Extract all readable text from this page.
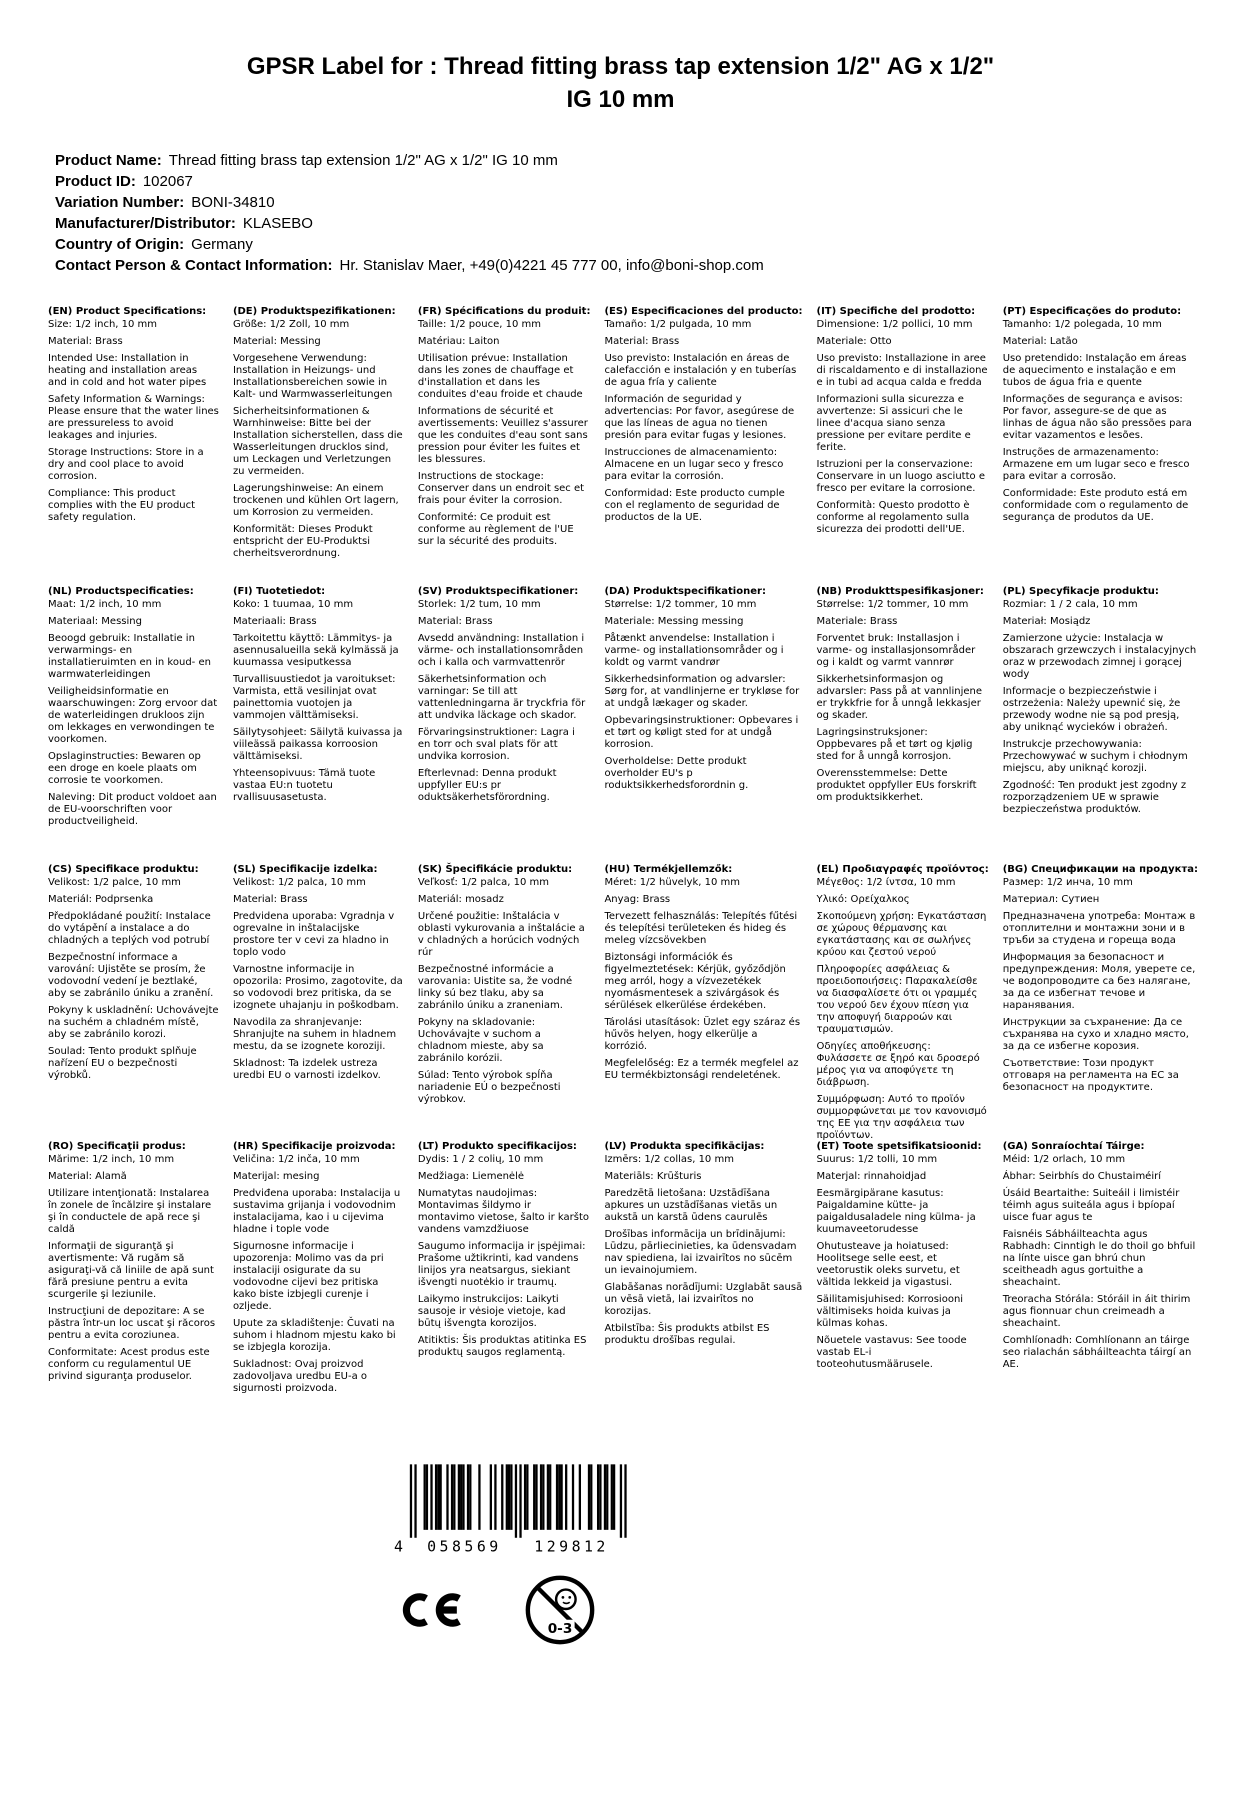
GPSR Label for : Thread fitting brass tap extension 1/2" AG x 1/2"
IG 10 mm
Product Name: Thread fitting brass tap extension 1/2" AG x 1/2" IG 10 mm
Product ID: 102067
Variation Number: BONI-34810
Manufacturer/Distributor: KLASEBO
Country of Origin: Germany
Contact Person & Contact Information: Hr. Stanislav Maer, +49(0)4221 45 777 00, info@boni-shop.com
(EN) Product Specifications:
Size: 1/2 inch, 10 mm
Material: Brass
Intended Use: Installation in heating and installation areas and in cold and hot water pipes
Safety Information & Warnings: Please ensure that the water lines are pressureless to avoid leakages and injuries.
Storage Instructions: Store in a dry and cool place to avoid corrosion.
Compliance: This product complies with the EU product safety regulation.
(DE) Produktspezifikationen:
Größe: 1/2 Zoll, 10 mm
Material: Messing
Vorgesehene Verwendung: Installation in Heizungs- und Installationsbereichen sowie in Kalt- und Warmwasserleitungen
Sicherheitsinformationen & Warnhinweise: Bitte bei der Installation sicherstellen, dass die Wasserleitungen drucklos sind, um Leckagen und Verletzungen zu vermeiden.
Lagerungshinweise: An einem trockenen und kühlen Ort lagern, um Korrosion zu vermeiden.
Konformität: Dieses Produkt entspricht der EU-Produktsi cherheitsverordnung.
(FR) Spécifications du produit:
Taille: 1/2 pouce, 10 mm
Matériau: Laiton
Utilisation prévue: Installation dans les zones de chauffage et d'installation et dans les conduites d'eau froide et chaude
Informations de sécurité et avertissements: Veuillez s'assurer que les conduites d'eau sont sans pression pour éviter les fuites et les blessures.
Instructions de stockage: Conserver dans un endroit sec et frais pour éviter la corrosion.
Conformité: Ce produit est conforme au règlement de l'UE sur la sécurité des produits.
(ES) Especificaciones del producto:
Tamaño: 1/2 pulgada, 10 mm
Material: Brass
Uso previsto: Instalación en áreas de calefacción e instalación y en tuberías de agua fría y caliente
Información de seguridad y advertencias: Por favor, asegúrese de que las líneas de agua no tienen presión para evitar fugas y lesiones.
Instrucciones de almacenamiento: Almacene en un lugar seco y fresco para evitar la corrosión.
Conformidad: Este producto cumple con el reglamento de seguridad de productos de la UE.
(IT) Specifiche del prodotto:
Dimensione: 1/2 pollici, 10 mm
Materiale: Otto
Uso previsto: Installazione in aree di riscaldamento e di installazione e in tubi ad acqua calda e fredda
Informazioni sulla sicurezza e avvertenze: Si assicuri che le linee d'acqua siano senza pressione per evitare perdite e ferite.
Istruzioni per la conservazione: Conservare in un luogo asciutto e fresco per evitare la corrosione.
Conformità: Questo prodotto è conforme al regolamento sulla sicurezza dei prodotti dell'UE.
(PT) Especificações do produto:
Tamanho: 1/2 polegada, 10 mm
Material: Latão
Uso pretendido: Instalação em áreas de aquecimento e instalação e em tubos de água fria e quente
Informações de segurança e avisos: Por favor, assegure-se de que as linhas de água não são pressões para evitar vazamentos e lesões.
Instruções de armazenamento: Armazene em um lugar seco e fresco para evitar a corrosão.
Conformidade: Este produto está em conformidade com o regulamento de segurança de produtos da UE.
(NL) Productspecificaties:
Maat: 1/2 inch, 10 mm
Materiaal: Messing
Beoogd gebruik: Installatie in verwarmings- en installatieruimten en in koud- en warmwaterleidingen
Veiligheidsinformatie en waarschuwingen: Zorg ervoor dat de waterleidingen drukloos zijn om lekkages en verwondingen te voorkomen.
Opslaginstructies: Bewaren op een droge en koele plaats om corrosie te voorkomen.
Naleving: Dit product voldoet aan de EU-voorschriften voor productveiligheid.
(FI) Tuotetiedot:
Koko: 1 tuumaa, 10 mm
Materiaali: Brass
Tarkoitettu käyttö: Lämmitys- ja asennusalueilla sekä kylmässä ja kuumassa vesiputkessa
Turvallisuustiedot ja varoitukset: Varmista, että vesilinjat ovat painettomia vuotojen ja vammojen välttämiseksi.
Säilytysohjeet: Säilytä kuivassa ja viileässä paikassa korroosion välttämiseksi.
Yhteensopivuus: Tämä tuote vastaa EU:n tuotetu rvallisuusasetusta.
(SV) Produktspecifikationer:
Storlek: 1/2 tum, 10 mm
Material: Brass
Avsedd användning: Installation i värme- och installationsområden och i kalla och varmvattenrör
Säkerhetsinformation och varningar: Se till att vattenledningarna är tryckfria för att undvika läckage och skador.
Förvaringsinstruktioner: Lagra i en torr och sval plats för att undvika korrosion.
Efterlevnad: Denna produkt uppfyller EU:s pr oduktsäkerhetsförordning.
(DA) Produktspecifikationer:
Størrelse: 1/2 tommer, 10 mm
Materiale: Messing messing
Påtænkt anvendelse: Installation i varme- og installationsområder og i koldt og varmt vandrør
Sikkerhedsinformation og advarsler: Sørg for, at vandlinjerne er trykløse for at undgå lækager og skader.
Opbevaringsinstruktioner: Opbevares i et tørt og køligt sted for at undgå korrosion.
Overholdelse: Dette produkt overholder EU's p roduktsikkerhedsforordnin g.
(NB) Produkttspesifikasjoner:
Størrelse: 1/2 tommer, 10 mm
Materiale: Brass
Forventet bruk: Installasjon i varme- og installasjonsområder og i kaldt og varmt vannrør
Sikkerhetsinformasjon og advarsler: Pass på at vannlinjene er trykkfrie for å unngå lekkasjer og skader.
Lagringsinstruksjoner: Oppbevares på et tørt og kjølig sted for å unngå korrosjon.
Overensstemmelse: Dette produktet oppfyller EUs forskrift om produktsikkerhet.
(PL) Specyfikacje produktu:
Rozmiar: 1 / 2 cala, 10 mm
Materiał: Mosiądz
Zamierzone użycie: Instalacja w obszarach grzewczych i instalacyjnych oraz w przewodach zimnej i gorącej wody
Informacje o bezpieczeństwie i ostrzeżenia: Należy upewnić się, że przewody wodne nie są pod presją, aby uniknąć wycieków i obrażeń.
Instrukcje przechowywania: Przechowywać w suchym i chłodnym miejscu, aby uniknąć korozji.
Zgodność: Ten produkt jest zgodny z rozporządzeniem UE w sprawie bezpieczeństwa produktów.
(CS) Specifikace produktu:
Velikost: 1/2 palce, 10 mm
Materiál: Podprsenka
Předpokládané použití: Instalace do vytápění a instalace a do chladných a teplých vod potrubí
Bezpečnostní informace a varování: Ujistěte se prosím, že vodovodní vedení je beztlaké, aby se zabránilo úniku a zranění.
Pokyny k uskladnění: Uchovávejte na suchém a chladném místě, aby se zabránilo korozi.
Soulad: Tento produkt splňuje nařízení EU o bezpečnosti výrobků.
(SL) Specifikacije izdelka:
Velikost: 1/2 palca, 10 mm
Material: Brass
Predvidena uporaba: Vgradnja v ogrevalne in inštalacijske prostore ter v cevi za hladno in toplo vodo
Varnostne informacije in opozorila: Prosimo, zagotovite, da so vodovodi brez pritiska, da se izognete uhajanju in poškodbam.
Navodila za shranjevanje: Shranjujte na suhem in hladnem mestu, da se izognete koroziji.
Skladnost: Ta izdelek ustreza uredbi EU o varnosti izdelkov.
(SK) Špecifikácie produktu:
Veľkosť: 1/2 palca, 10 mm
Materiál: mosadz
Určené použitie: Inštalácia v oblasti vykurovania a inštalácie a v chladných a horúcich vodných rúr
Bezpečnostné informácie a varovania: Uistite sa, že vodné linky sú bez tlaku, aby sa zabránilo úniku a zraneniam.
Pokyny na skladovanie: Uchovávajte v suchom a chladnom mieste, aby sa zabránilo korózii.
Súlad: Tento výrobok spĺňa nariadenie EÚ o bezpečnosti výrobkov.
(HU) Termékjellemzők:
Méret: 1/2 hüvelyk, 10 mm
Anyag: Brass
Tervezett felhasználás: Telepítés fűtési és telepítési területeken és hideg és meleg vízcsövekben
Biztonsági információk és figyelmeztetések: Kérjük, győződjön meg arról, hogy a vízvezetékek nyomásmentesek a szivárgások és sérülések elkerülése érdekében.
Tárolási utasítások: Üzlet egy száraz és hűvös helyen, hogy elkerülje a korrózió.
Megfelelőség: Ez a termék megfelel az EU termékbiztonsági rendeletének.
(EL) Προδιαγραφές προϊόντος:
Μέγεθος: 1/2 ίντσα, 10 mm
Υλικό: Ορείχαλκος
Σκοπούμενη χρήση: Εγκατάσταση σε χώρους θέρμανσης και εγκατάστασης και σε σωλήνες κρύου και ζεστού νερού
Πληροφορίες ασφάλειας & προειδοποιήσεις: Παρακαλείσθε να διασφαλίσετε ότι οι γραμμές του νερού δεν έχουν πίεση για την αποφυγή διαρροών και τραυματισμών.
Οδηγίες αποθήκευσης: Φυλάσσετε σε ξηρό και δροσερό μέρος για να αποφύγετε τη διάβρωση.
Συμμόρφωση: Αυτό το προϊόν συμμορφώνεται με τον κανονισμό της ΕΕ για την ασφάλεια των προϊόντων.
(BG) Спецификации на продукта:
Размер: 1/2 инча, 10 mm
Материал: Сутиен
Предназначена употреба: Монтаж в отоплителни и монтажни зони и в тръби за студена и гореща вода
Информация за безопасност и предупреждения: Моля, уверете се, че водопроводите са без налягане, за да се избегнат течове и наранявания.
Инструкции за съхранение: Да се съхранява на сухо и хладно място, за да се избегне корозия.
Съответствие: Този продукт отговаря на регламента на ЕС за безопасност на продуктите.
(RO) Specificaţii produs:
Mărime: 1/2 inch, 10 mm
Material: Alamă
Utilizare intenţionată: Instalarea în zonele de încălzire şi instalare şi în conductele de apă rece şi caldă
Informaţii de siguranţă şi avertismente: Vă rugăm să asiguraţi-vă că liniile de apă sunt fără presiune pentru a evita scurgerile şi leziunile.
Instrucţiuni de depozitare: A se păstra într-un loc uscat şi răcoros pentru a evita coroziunea.
Conformitate: Acest produs este conform cu regulamentul UE privind siguranţa produselor.
(HR) Specifikacije proizvoda:
Veličina: 1/2 inča, 10 mm
Materijal: mesing
Predviđena uporaba: Instalacija u sustavima grijanja i vodovodnim instalacijama, kao i u cijevima hladne i tople vode
Sigurnosne informacije i upozorenja: Molimo vas da pri instalaciji osigurate da su vodovodne cijevi bez pritiska kako biste izbjegli curenje i ozljede.
Upute za skladištenje: Čuvati na suhom i hladnom mjestu kako bi se izbjegla korozija.
Sukladnost: Ovaj proizvod zadovoljava uredbu EU-a o sigurnosti proizvoda.
(LT) Produkto specifikacijos:
Dydis: 1 / 2 colių, 10 mm
Medžiaga: Liemenėlė
Numatytas naudojimas: Montavimas šildymo ir montavimo vietose, šalto ir karšto vandens vamzdžiuose
Saugumo informacija ir įspėjimai: Prašome užtikrinti, kad vandens linijos yra neatsargus, siekiant išvengti nuotėkio ir traumų.
Laikymo instrukcijos: Laikyti sausoje ir vėsioje vietoje, kad būtų išvengta korozijos.
Atitiktis: Šis produktas atitinka ES produktų saugos reglamentą.
(LV) Produkta specifikācijas:
Izmērs: 1/2 collas, 10 mm
Materiāls: Krūšturis
Paredzētā lietošana: Uzstādīšana apkures un uzstādīšanas vietās un aukstā un karstā ūdens caurulēs
Drošības informācija un brīdinājumi: Lūdzu, pārliecinieties, ka ūdensvadam nav spiediena, lai izvairītos no sūcēm un ievainojumiem.
Glabāšanas norādījumi: Uzglabāt sausā un vēsā vietā, lai izvairītos no korozijas.
Atbilstība: Šis produkts atbilst ES produktu drošības regulai.
(ET) Toote spetsifikatsioonid:
Suurus: 1/2 tolli, 10 mm
Materjal: rinnahoidjad
Eesmärgipärane kasutus: Paigaldamine kütte- ja paigaldusaladele ning külma- ja kuumaveetorudesse
Ohutusteave ja hoiatused: Hoolitsege selle eest, et veetorustik oleks survetu, et vältida lekkeid ja vigastusi.
Säilitamisjuhised: Korrosiooni vältimiseks hoida kuivas ja külmas kohas.
Nõuetele vastavus: See toode vastab EL-i tooteohutusmäärusele.
(GA) Sonraíochtaí Táirge:
Méid: 1/2 orlach, 10 mm
Ábhar: Seirbhís do Chustaiméirí
Úsáid Beartaithe: Suiteáil i limistéir téimh agus suiteála agus i bpíopaí uisce fuar agus te
Faisnéis Sábháilteachta agus Rabhadh: Cinntigh le do thoil go bhfuil na línte uisce gan bhrú chun sceitheadh agus gortuithe a sheachaint.
Treoracha Stórála: Stóráil in áit thirim agus fionnuar chun creimeadh a sheachaint.
Comhlíonadh: Comhlíonann an táirge seo rialachán sábháilteachta táirgí an AE.
4 058569 129812
0-3
